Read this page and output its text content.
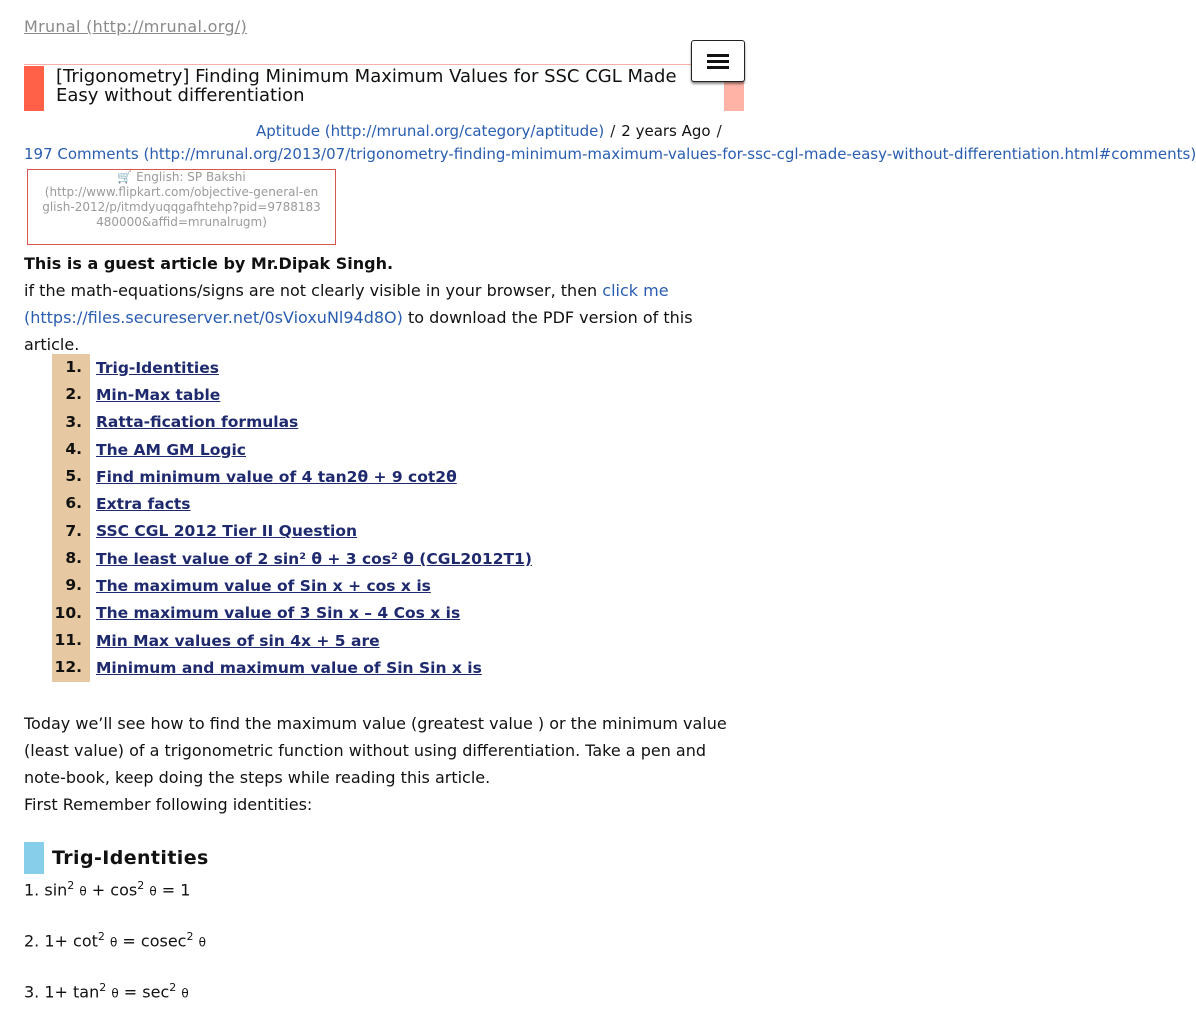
Mrunal (http://mrunal.org/)
[Trigonometry] Finding Minimum Maximum Values for SSC CGL Made Easy without differentiation
Aptitude (http://mrunal.org/category/aptitude) / 2 years Ago /
197 Comments (http://mrunal.org/2013/07/trigonometry-finding-minimum-maximum-values-for-ssc-cgl-made-easy-without-differentiation.html#comments)
🛒 English: SP Bakshi
(http://www.flipkart.com/objective-general-english-2012/p/itmdyuqqgafhtehp?pid=9788183480000&affid=mrunalrugm)
This is a guest article by Mr.Dipak Singh.
if the math-equations/signs are not clearly visible in your browser, then click me (https://files.secureserver.net/0sVioxuNl94d8O) to download the PDF version of this article.
1. Trig-Identities
2. Min-Max table
3. Ratta-fication formulas
4. The AM GM Logic
5. Find minimum value of 4 tan2θ + 9 cot2θ
6. Extra facts
7. SSC CGL 2012 Tier II Question
8. The least value of 2 sin² θ + 3 cos² θ (CGL2012T1)
9. The maximum value of Sin x + cos x is
10. The maximum value of 3 Sin x – 4 Cos x is
11. Min Max values of sin 4x + 5 are
12. Minimum and maximum value of Sin Sin x is
Today we’ll see how to find the maximum value (greatest value ) or the minimum value (least value) of a trigonometric function without using differentiation. Take a pen and note-book, keep doing the steps while reading this article.
First Remember following identities:
Trig-Identities
1. $\sin^2 \theta + \cos^2 \theta = 1$
2. $1+ \cot^2 \theta = cosec^2$ θ
3. $1+ \tan^2 \theta = \sec^2 \theta$
